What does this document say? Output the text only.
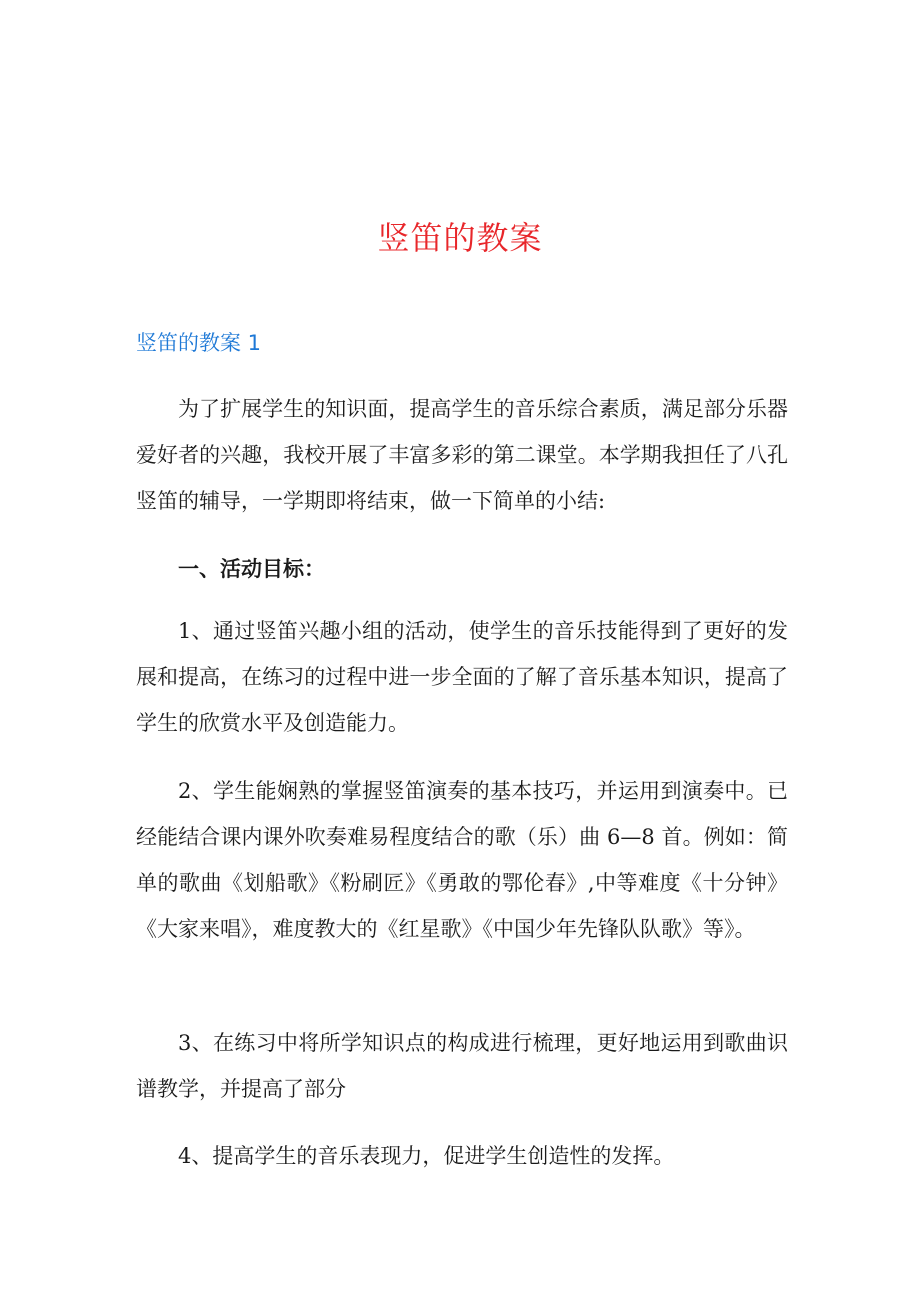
竖笛的教案
竖笛的教案 1

为了扩展学生的知识面，提高学生的音乐综合素质，满足部分乐器爱好者的兴趣，我校开展了丰富多彩的第二课堂。本学期我担任了八孔竖笛的辅导，一学期即将结束，做一下简单的小结:

一、活动目标：

1、通过竖笛兴趣小组的活动，使学生的音乐技能得到了更好的发展和提高，在练习的过程中进一步全面的了解了音乐基本知识，提高了学生的欣赏水平及创造能力。

2、学生能娴熟的掌握竖笛演奏的基本技巧，并运用到演奏中。已经能结合课内课外吹奏难易程度结合的歌（乐）曲 6—8 首。例如：简单的歌曲《划船歌》《粉刷匠》《勇敢的鄂伦春》,中等难度《十分钟》《大家来唱》，难度教大的《红星歌》《中国少年先锋队队歌》等》。

3、在练习中将所学知识点的构成进行梳理，更好地运用到歌曲识谱教学，并提高了部分

4、提高学生的音乐表现力，促进学生创造性的发挥。
